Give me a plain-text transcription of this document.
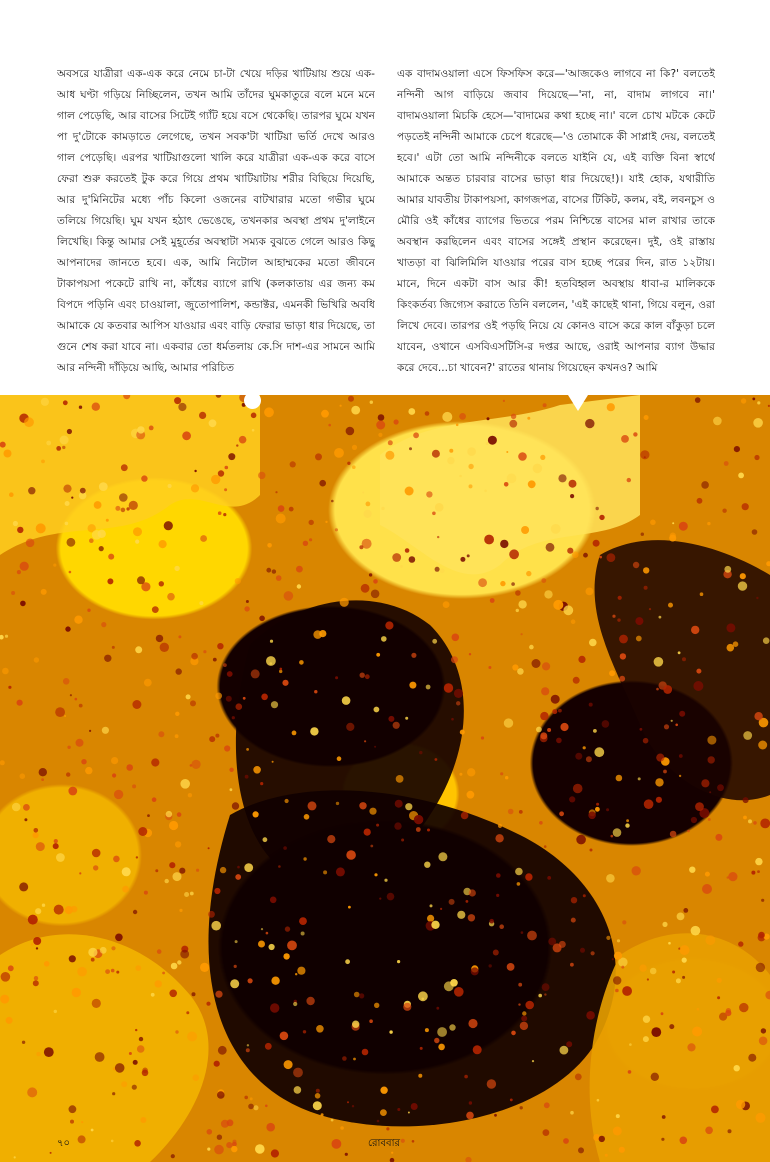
অবসরে যাত্রীরা এক-এক করে নেমে চা-টা খেয়ে দড়ির খাটিয়ায় শুয়ে এক-আধ ঘণ্টা গড়িয়ে নিচ্ছিলেন, তখন আমি তাঁদের ঘুমকাতুরে বলে মনে মনে গাল পেড়েছি, আর বাসের সিটেই গ্যাঁট হয়ে বসে থেকেছি। তারপর ঘুমে যখন পা দু'টোকে কামড়াতে লেগেছে, তখন সবক'টা খাটিয়া ভর্তি দেখে আরও গাল পেড়েছি। এরপর খাটিয়াগুলো খালি করে যাত্রীরা এক-এক করে বাসে ফেরা শুরু করতেই টুক করে গিয়ে প্রথম খাটিয়াটায় শরীর বিছিয়ে দিয়েছি, আর দু'মিনিটের মধ্যে পাঁচ কিলো ওজনের বাটখারার মতো গভীর ঘুমে তলিয়ে গিয়েছি। ঘুম যখন হঠাৎ ভেঙেছে, তখনকার অবস্থা প্রথম দু'লাইনে লিখেছি। কিন্তু আমার সেই মুহূর্তের অবস্থাটা সম্যক বুঝতে গেলে আরও কিছু আপনাদের জানতে হবে। এক, আমি নিটোল আহাম্মকের মতো জীবনে টাকাপয়সা পকেটে রাখি না, কাঁধের ব্যাগে রাখি (কলকাতায় এর জন্য কম বিপদে পড়িনি এবং চাওয়ালা, জুতোপালিশ, কন্ডাক্টর, এমনকী ভিখিরি অবধি আমাকে যে কতবার আপিস যাওয়ার এবং বাড়ি ফেরার ভাড়া ধার দিয়েছে, তা গুনে শেষ করা যাবে না। একবার তো ধর্মতলায় কে.সি দাশ-এর সামনে আমি আর নন্দিনী দাঁড়িয়ে আছি, আমার পরিচিত
এক বাদামওয়ালা এসে ফিসফিস করে—'আজকেও লাগবে না কি?' বলতেই নন্দিনী আগ বাড়িয়ে জবাব দিয়েছে—'না, না, বাদাম লাগবে না।' বাদামওয়ালা মিচকি হেসে—'বাদামের কথা হচ্ছে না।' বলে চোখ মটকে কেটে পড়তেই নন্দিনী আমাকে চেপে ধরেছে—'ও তোমাকে কী সাপ্লাই দেয়, বলতেই হবে।' এটা তো আমি নন্দিনীকে বলতে যাইনি যে, এই ব্যক্তি বিনা স্বার্থে আমাকে অন্তত চারবার বাসের ভাড়া ধার দিয়েছে!)। যাই হোক, যথারীতি আমার যাবতীয় টাকাপয়সা, কাগজপত্র, বাসের টিকিট, কলম, বই, লবনচুস ও মৌরি ওই কাঁধের ব্যাগের ভিতরে পরম নিশ্চিন্তে বাসের মাল রাখার তাকে অবস্থান করছিলেন এবং বাসের সঙ্গেই প্রস্থান করেছেন। দুই, ওই রাস্তায় খাতড়া বা ঝিলিমিলি যাওয়ার পরের বাস হচ্ছে পরের দিন, রাত ১২টায়। মানে, দিনে একটা বাস আর কী! হতবিহ্বল অবস্থায় ধাবা-র মালিককে কিংকর্তব্য জিগ্যেস করাতে তিনি বললেন, 'এই কাছেই থানা, গিয়ে বলুন, ওরা লিখে দেবে। তারপর ওই পড়ছি নিয়ে যে কোনও বাসে করে কাল বাঁকুড়া চলে যাবেন, ওখানে এসবিএসটিসি-র দপ্তর আছে, ওরাই আপনার ব্যাগ উদ্ধার করে দেবে...চা খাবেন?' রাতের থানায় গিয়েছেন কখনও? আমি
৭০	রোববার
